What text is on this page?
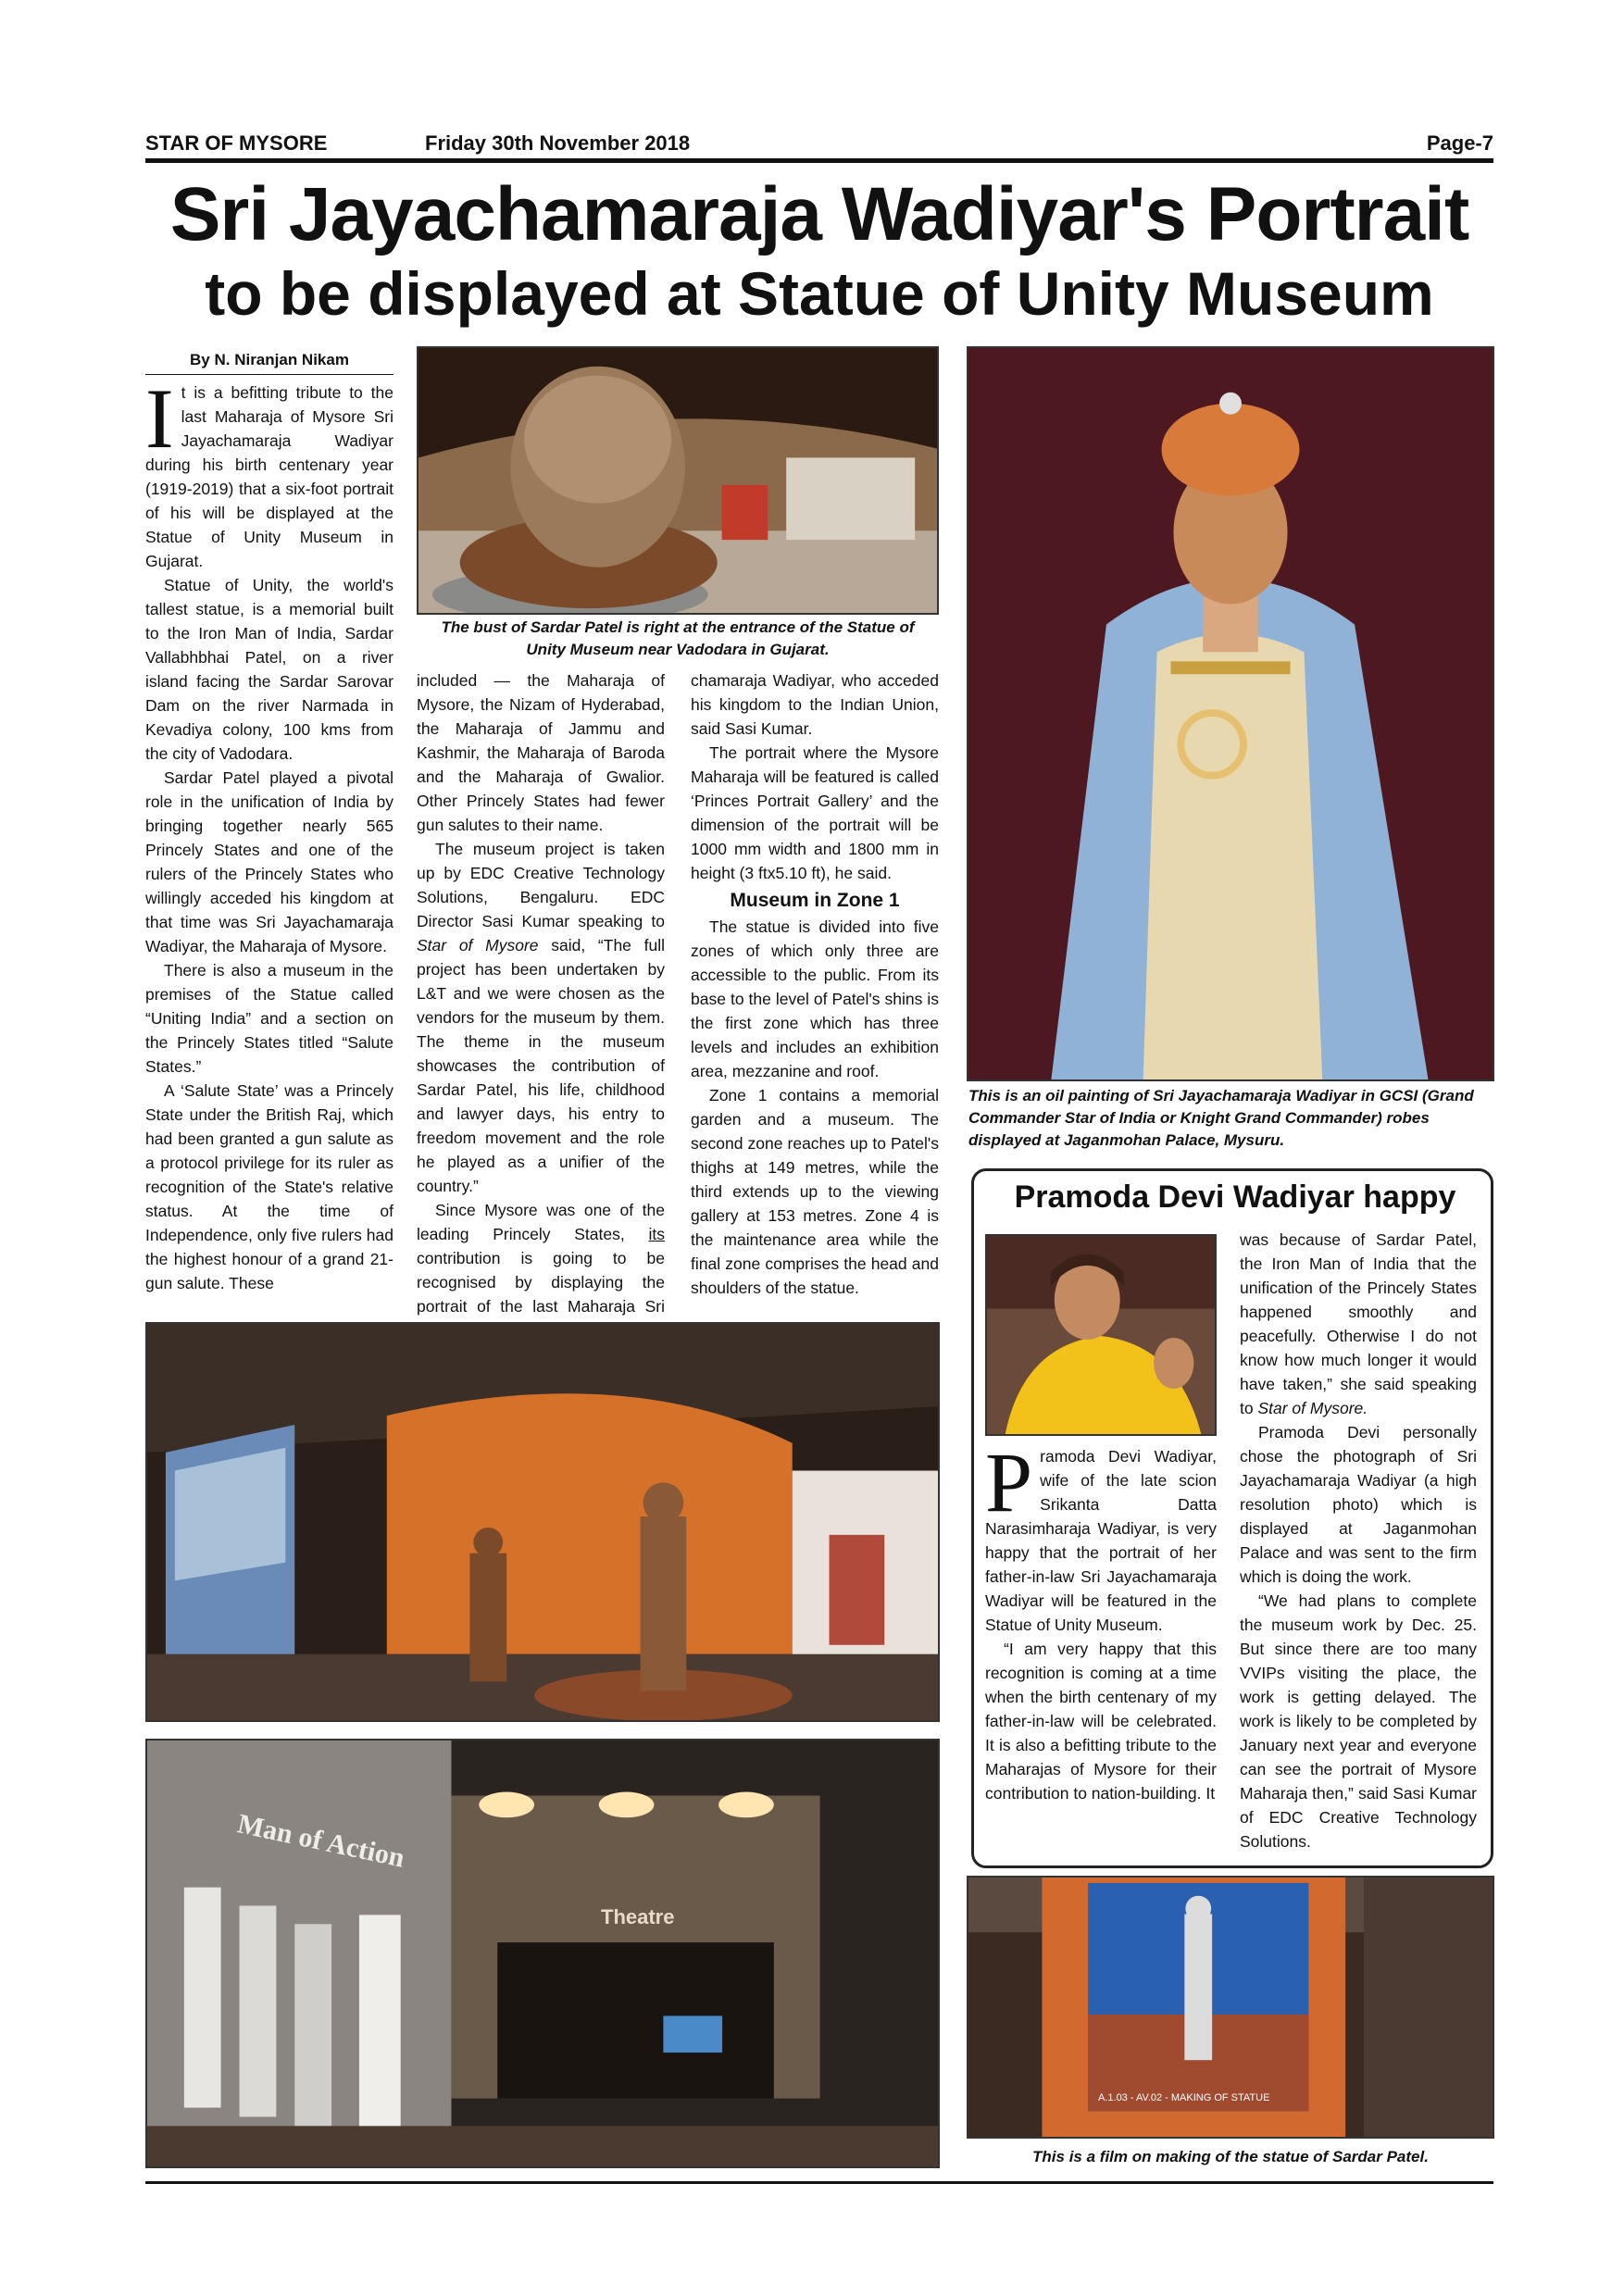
STAR OF MYSORE	Friday 30th November 2018	Page-7
Sri Jayachamaraja Wadiyar's Portrait
to be displayed at Statue of Unity Museum
By N. Niranjan Nikam

It is a befitting tribute to the last Maharaja of Mysore Sri Jayachamaraja Wadiyar during his birth centenary year (1919-2019) that a six-foot portrait of his will be displayed at the Statue of Unity Museum in Gujarat.

Statue of Unity, the world's tallest statue, is a memorial built to the Iron Man of India, Sardar Vallabhbhai Patel, on a river island facing the Sardar Sarovar Dam on the river Narmada in Kevadiya colony, 100 kms from the city of Vadodara.

Sardar Patel played a pivotal role in the unification of India by bringing together nearly 565 Princely States and one of the rulers of the Princely States who willingly acceded his kingdom at that time was Sri Jayachamaraja Wadiyar, the Maharaja of Mysore.

There is also a museum in the premises of the Statue called “Uniting India” and a section on the Princely States titled “Salute States.”

A ‘Salute State’ was a Princely State under the British Raj, which had been granted a gun salute as a protocol privilege for its ruler as recognition of the State's relative status. At the time of Independence, only five rulers had the highest honour of a grand 21-gun salute. These

The bust of Sardar Patel is right at the entrance of the Statue of Unity Museum near Vadodara in Gujarat.

included — the Maharaja of Mysore, the Nizam of Hyderabad, the Maharaja of Jammu and Kashmir, the Maharaja of Baroda and the Maharaja of Gwalior. Other Princely States had fewer gun salutes to their name.

The museum project is taken up by EDC Creative Technology Solutions, Bengaluru. EDC Director Sasi Kumar speaking to Star of Mysore said, “The full project has been undertaken by L&T and we were chosen as the vendors for the museum by them. The theme in the museum showcases the contribution of Sardar Patel, his life, childhood and lawyer days, his entry to freedom movement and the role he played as a unifier of the country.”

Since Mysore was one of the leading Princely States, its contribution is going to be recognised by displaying the portrait of the last Maharaja Sri

chamaraja Wadiyar, who acceded his kingdom to the Indian Union, said Sasi Kumar.

The portrait where the Mysore Maharaja will be featured is called ‘Princes Portrait Gallery’ and the dimension of the portrait will be 1000 mm width and 1800 mm in height (3 ftx5.10 ft), he said.

Museum in Zone 1

The statue is divided into five zones of which only three are accessible to the public. From its base to the level of Patel's shins is the first zone which has three levels and includes an exhibition area, mezzanine and roof.

Zone 1 contains a memorial garden and a museum. The second zone reaches up to Patel's thighs at 149 metres, while the third extends up to the viewing gallery at 153 metres. Zone 4 is the maintenance area while the final zone comprises the head and shoulders of the statue.

This is an oil painting of Sri Jayachamaraja Wadiyar in GCSI (Grand Commander Star of India or Knight Grand Commander) robes displayed at Jaganmohan Palace, Mysuru.
Pramoda Devi Wadiyar happy

Pramoda Devi Wadiyar, wife of the late scion Srikanta Datta Narasimharaja Wadiyar, is very happy that the portrait of her father-in-law Sri Jayachamaraja Wadiyar will be featured in the Statue of Unity Museum.

“I am very happy that this recognition is coming at a time when the birth centenary of my father-in-law will be celebrated. It is also a befitting tribute to the Maharajas of Mysore for their contribution to nation-building. It

was because of Sardar Patel, the Iron Man of India that the unification of the Princely States happened smoothly and peacefully. Otherwise I do not know how much longer it would have taken,” she said speaking to Star of Mysore.

Pramoda Devi personally chose the photograph of Sri Jayachamaraja Wadiyar (a high resolution photo) which is displayed at Jaganmohan Palace and was sent to the firm which is doing the work.

“We had plans to complete the museum work by Dec. 25. But since there are too many VVIPs visiting the place, the work is getting delayed. The work is likely to be completed by January next year and everyone can see the portrait of Mysore Maharaja then,” said Sasi Kumar of EDC Creative Technology Solutions.

Man of Action
Theatre
A.1.03 - AV.02 - MAKING OF STATUE
This is a film on making of the statue of Sardar Patel.
